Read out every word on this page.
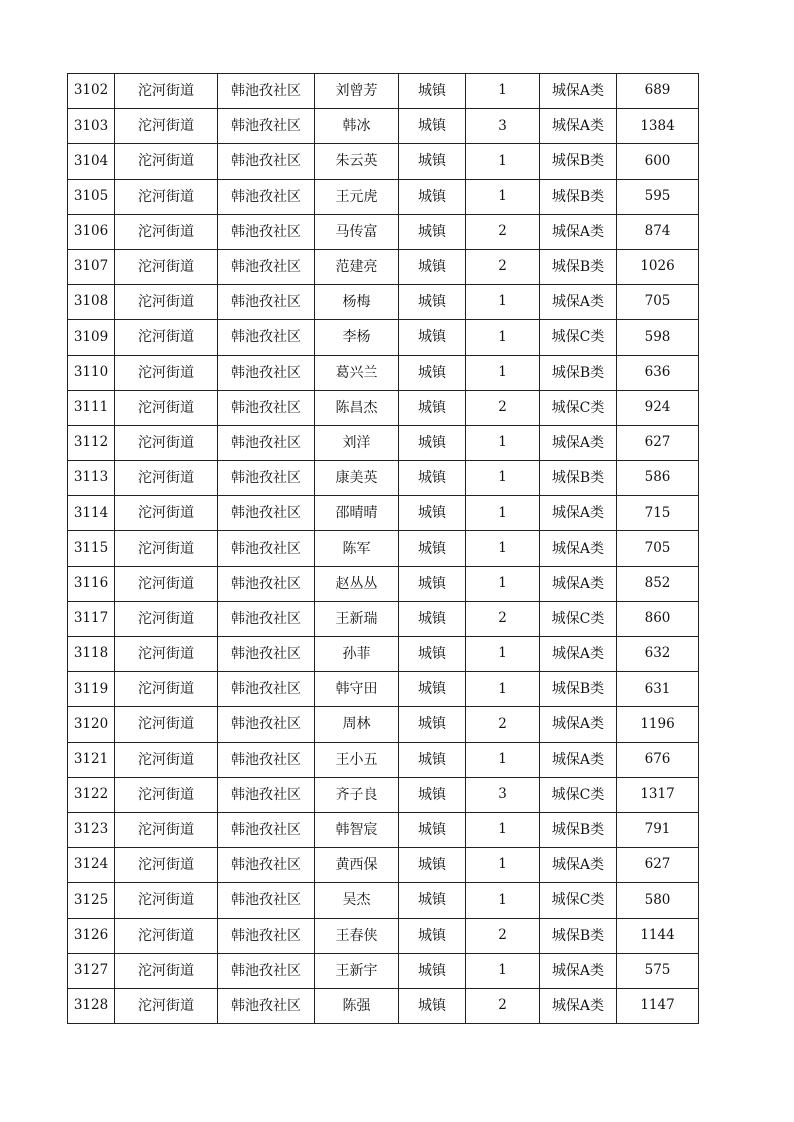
3102	沱河街道	韩池孜社区	刘曾芳	城镇	1	城保A类	689
3103	沱河街道	韩池孜社区	韩冰	城镇	3	城保A类	1384
3104	沱河街道	韩池孜社区	朱云英	城镇	1	城保B类	600
3105	沱河街道	韩池孜社区	王元虎	城镇	1	城保B类	595
3106	沱河街道	韩池孜社区	马传富	城镇	2	城保A类	874
3107	沱河街道	韩池孜社区	范建亮	城镇	2	城保B类	1026
3108	沱河街道	韩池孜社区	杨梅	城镇	1	城保A类	705
3109	沱河街道	韩池孜社区	李杨	城镇	1	城保C类	598
3110	沱河街道	韩池孜社区	葛兴兰	城镇	1	城保B类	636
3111	沱河街道	韩池孜社区	陈昌杰	城镇	2	城保C类	924
3112	沱河街道	韩池孜社区	刘洋	城镇	1	城保A类	627
3113	沱河街道	韩池孜社区	康美英	城镇	1	城保B类	586
3114	沱河街道	韩池孜社区	邵晴晴	城镇	1	城保A类	715
3115	沱河街道	韩池孜社区	陈军	城镇	1	城保A类	705
3116	沱河街道	韩池孜社区	赵丛丛	城镇	1	城保A类	852
3117	沱河街道	韩池孜社区	王新瑞	城镇	2	城保C类	860
3118	沱河街道	韩池孜社区	孙菲	城镇	1	城保A类	632
3119	沱河街道	韩池孜社区	韩守田	城镇	1	城保B类	631
3120	沱河街道	韩池孜社区	周林	城镇	2	城保A类	1196
3121	沱河街道	韩池孜社区	王小五	城镇	1	城保A类	676
3122	沱河街道	韩池孜社区	齐子良	城镇	3	城保C类	1317
3123	沱河街道	韩池孜社区	韩智宸	城镇	1	城保B类	791
3124	沱河街道	韩池孜社区	黄西保	城镇	1	城保A类	627
3125	沱河街道	韩池孜社区	吴杰	城镇	1	城保C类	580
3126	沱河街道	韩池孜社区	王春侠	城镇	2	城保B类	1144
3127	沱河街道	韩池孜社区	王新宇	城镇	1	城保A类	575
3128	沱河街道	韩池孜社区	陈强	城镇	2	城保A类	1147
